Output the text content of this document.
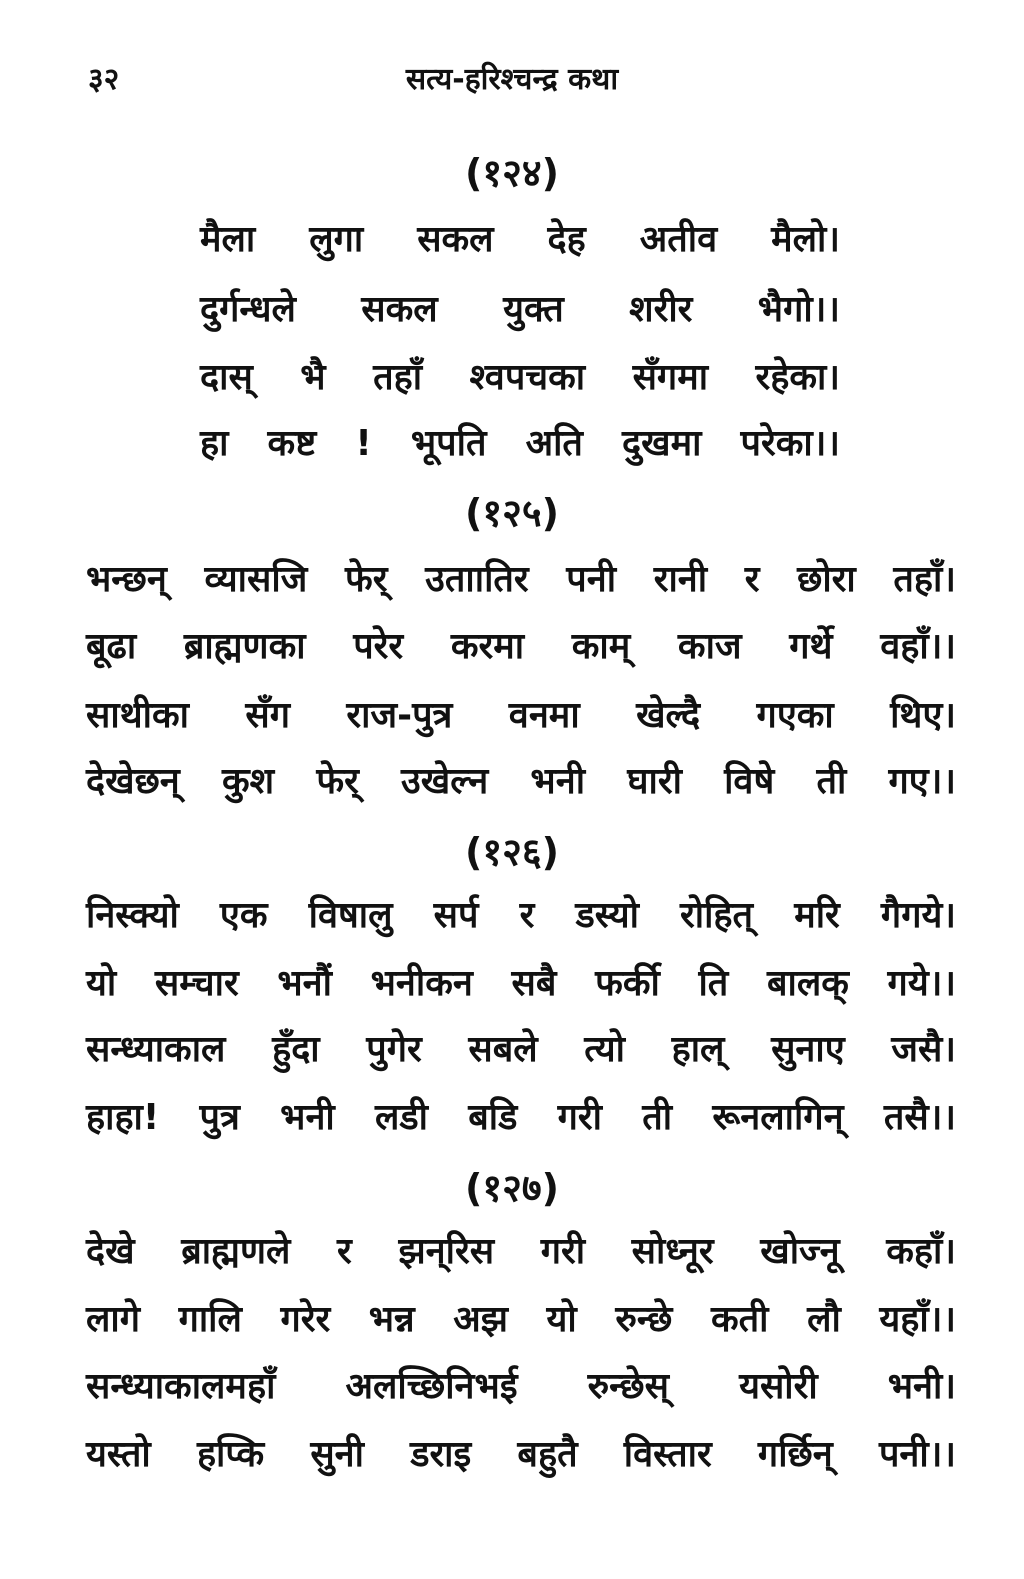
३२	सत्य-हरिश्चन्द्र कथा
(१२४)
मैला लुगा सकल देह अतीव मैलो।
दुर्गन्धले सकल युक्त शरीर भैगो।।
दास् भै तहाँ श्वपचका सँगमा रहेका।
हा कष्ट ! भूपति अति दुखमा परेका।।
(१२५)
भन्छन् व्यासजि फेर् उताातिर पनी रानी र छोरा तहाँ।
बूढा ब्राह्मणका परेर करमा काम् काज गर्थे वहाँ।।
साथीका सँग राज-पुत्र वनमा खेल्दै गएका थिए।
देखेछन् कुश फेर् उखेल्न भनी घारी विषे ती गए।।
(१२६)
निस्क्यो एक विषालु सर्प र डस्यो रोहित् मरि गैगये।
यो सम्चार भनौं भनीकन सबै फर्की ति बालक् गये।।
सन्ध्याकाल हुँदा पुगेर सबले त्यो हाल् सुनाए जसै।
हाहा! पुत्र भनी लडी बडि गरी ती रूनलागिन् तसै।।
(१२७)
देखे ब्राह्मणले र झन्‌रिस गरी सोध्नूर खोज्नू कहाँ।
लागे गालि गरेर भन्न अझ यो रुन्छे कती लौ यहाँ।।
सन्ध्याकालमहाँ अलच्छिनिभई रुन्छेस् यसोरी भनी।
यस्तो हप्कि सुनी डराइ बहुतै विस्तार गर्छिन् पनी।।
